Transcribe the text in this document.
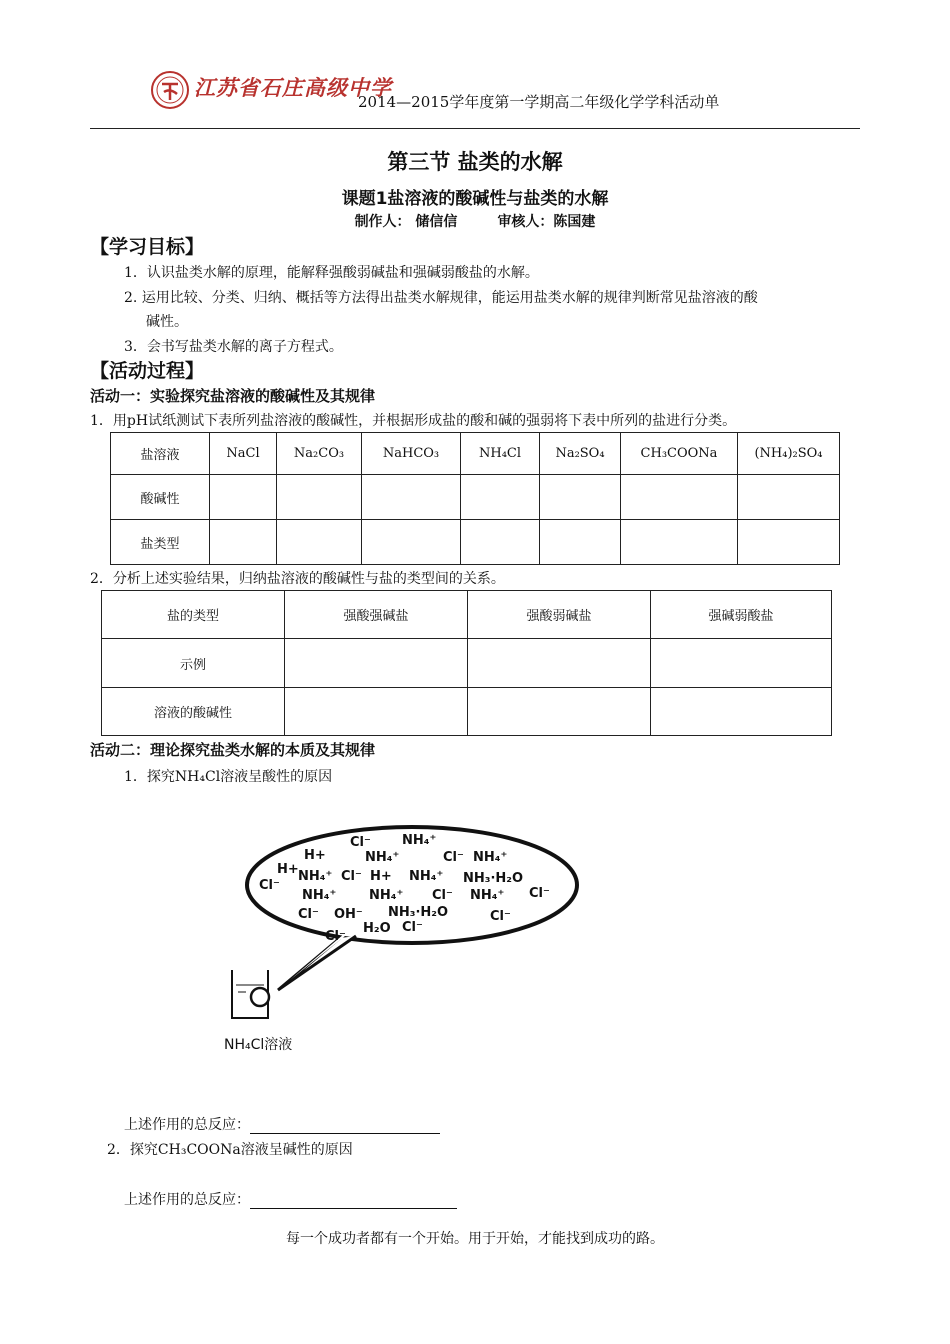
江苏省石庄高级中学
2014—2015学年度第一学期高二年级化学学科活动单
第三节 盐类的水解
课题1盐溶液的酸碱性与盐类的水解
制作人： 储信信	审核人：陈国建
【学习目标】
1．认识盐类水解的原理，能解释强酸弱碱盐和强碱弱酸盐的水解。
2. 运用比较、分类、归纳、概括等方法得出盐类水解规律，能运用盐类水解的规律判断常见盐溶液的酸
碱性。
3．会书写盐类水解的离子方程式。
【活动过程】
活动一：实验探究盐溶液的酸碱性及其规律
1．用pH试纸测试下表所列盐溶液的酸碱性，并根据形成盐的酸和碱的强弱将下表中所列的盐进行分类。
盐溶液	NaCl	Na₂CO₃	NaHCO₃	NH₄Cl	Na₂SO₄	CH₃COONa	(NH₄)₂SO₄
酸碱性							
盐类型							
2．分析上述实验结果，归纳盐溶液的酸碱性与盐的类型间的关系。
盐的类型	强酸强碱盐	强酸弱碱盐	强碱弱酸盐
示例			
溶液的酸碱性			
活动二：理论探究盐类水解的本质及其规律
1．探究NH₄Cl溶液呈酸性的原因
Cl⁻ NH₄⁺
H+	NH₄⁺	Cl⁻ NH₄⁺
H+ NH₄⁺ Cl⁻ H+ NH₄⁺ NH₃·H₂O
Cl⁻
NH₄⁺	NH₄⁺ Cl⁻ NH₄⁺ Cl⁻
Cl⁻ OH⁻ NH₃·H₂O	Cl⁻
H₂O Cl⁻
Cl⁻
NH₄Cl溶液
上述作用的总反应：
2．探究CH₃COONa溶液呈碱性的原因
上述作用的总反应：
每一个成功者都有一个开始。用于开始，才能找到成功的路。
